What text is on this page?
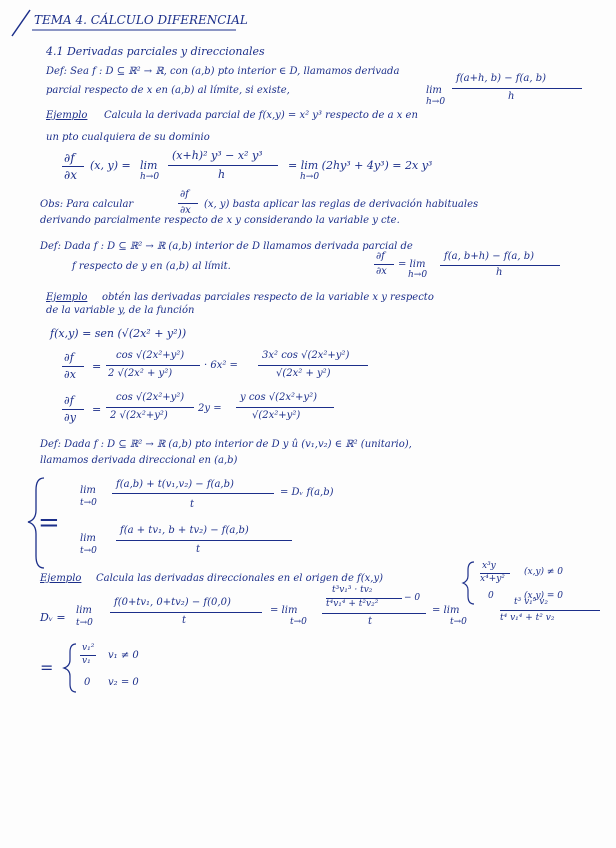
TEMA 4. CÁLCULO DIFERENCIAL
4.1 Derivadas parciales y direccionales
Def: Sea f : D ⊆ ℝ² → ℝ, con (a,b) pto interior ∈ D, llamamos derivada
parcial respecto de x en (a,b) al límite, si existe,	lim
h→0
f(a+h, b) − f(a, b)
h
Ejemplo Calcula la derivada parcial de f(x,y) = x² y³ respecto de a x en
un pto cualquiera de su dominio
∂f
∂x
(x, y) = lim
h→0
(x+h)² y³ − x² y³
h
= lim (2hy³ + 4y³) = 2x y³
h→0
Obs: Para calcular
∂f
∂x
(x, y) basta aplicar las reglas de derivación habituales
derivando parcialmente respecto de x y considerando la variable y cte.
Def: Dada f : D ⊆ ℝ² → ℝ (a,b) interior de D llamamos derivada parcial de
f respecto de y en (a,b) al límit.
∂f
∂x
= lim
h→0
f(a, b+h) − f(a, b)
h
Ejemplo obtén las derivadas parciales respecto de la variable x y respecto
de la variable y, de la función
f(x,y) = sen (√(2x² + y²))
∂f
∂x
=
cos √(2x²+y²)
2 √(2x² + y²)
· 6x² =
3x² cos √(2x²+y²)
√(2x² + y²)
∂f
∂y
=
cos √(2x²+y²)
2 √(2x²+y²)
2y =
y cos √(2x²+y²)
√(2x²+y²)
Def: Dada f : D ⊆ ℝ² → ℝ (a,b) pto interior de D y û (v₁,v₂) ∈ ℝ² (unitario),
llamamos derivada direccional en (a,b)
=
lim
t→0
f(a,b) + t(v₁,v₂) − f(a,b)
t
= Dᵥ f(a,b)
lim
t→0
f(a + tv₁, b + tv₂) − f(a,b)
t
Ejemplo Calcula las derivadas direccionales en el origen de f(x,y)
x³y
x⁴+y²
(x,y) ≠ 0
0	(x,y) = 0
Dᵥ =
lim
t→0
f(0+tv₁, 0+tv₂) − f(0,0)
t
= lim
t→0
t³v₁³ · tv₂
t⁴v₁⁴ + t²v₂²
− 0
t
= lim
t→0
t³ v₁³ v₂
t⁴ v₁⁴ + t² v₂
=
v₁²
v₁ v₁ ≠ 0
0 v₂ = 0
